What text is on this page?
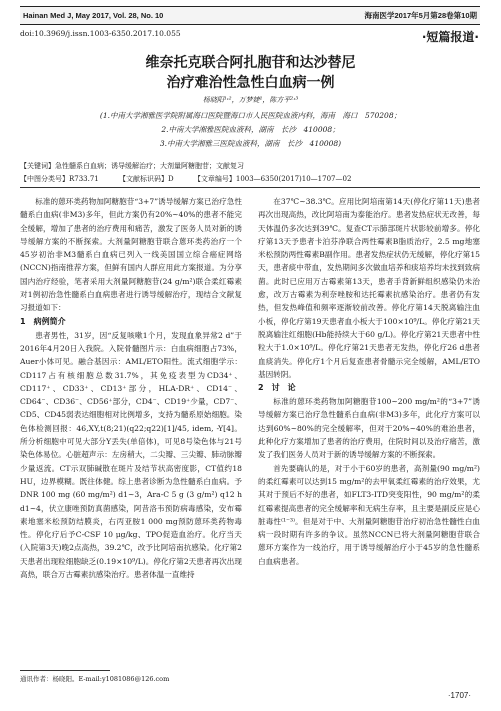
Hainan Med J, May 2017, Vol. 28, No. 10	海南医学2017年5月第28卷第10期
doi:10.3969/j.issn.1003-6350.2017.10.055	·短篇报道·
维奈托克联合阿扎胞苷和达沙替尼
治疗难治性急性白血病一例
杨晓阳¹˒²，万梦婕¹，陈方平²˒³
(1.中南大学湘雅医学院附属海口医院暨海口市人民医院血液内科，海南　海口　570208；
2.中南大学湘雅医院血液科，湖南　长沙　410008；
3.中南大学湘雅三医院血液科，湖南　长沙　410008)
【关键词】急性髓系白血病；诱导缓解治疗；大剂量阿糖胞苷；文献复习
【中图分类号】R733.71	【文献标识码】D	【文章编号】1003—6350(2017)10—1707—02

标准的蒽环类药物加阿糖胞苷“3+7”诱导缓解方案已治疗急性髓系白血病(非M3)多年，但此方案仍有20%~40%的患者不能完全缓解，增加了患者的治疗费用和痛苦，激发了医务人员对新的诱导缓解方案的不断探索。大剂量阿糖胞苷联合蒽环类药治疗一个45岁初治非M3髓系白血病已列入一线美国国立综合癌症网络(NCCN)指南推荐方案，但鲜有国内人群应用此方案报道。为分享国内治疗经验，笔者采用大剂量阿糖胞苷(24 g/m²)联合柔红霉素对1例初治急性髓系白血病患者进行诱导缓解治疗，现结合文献复习报道如下：

1　病例简介

患者男性，31岁，因“反复咳嗽1个月，发现血象异常2 d”于2016年4月20日入我院。入院骨髓图片示：白血病细胞占73%，Auer小体可见。融合基因示：AML/ETO阳性。流式细胞学示：CD117占有核细胞总数31.7%，其免疫表型为CD34⁺、CD117⁺、CD33⁺、CD13⁺部分，HLA-DR⁺、CD14⁻、CD64⁻、CD36⁻、CD56⁺部分，CD4⁻、CD19⁺少量，CD7⁻、CD5、CD45弱表达细胞相对比例增多，支持为髓系原始细胞。染色体检测回报：46,XY,t(8;21)(q22;q22)[1]/45, idem, -Y[4]。所分析细胞中可见大部分Y丢失(单倍体)，可见8号染色体与21号染色体易位。心脏超声示：左房稍大，二尖瓣、三尖瓣、肺动脉瓣少量返流。CT示双肺碱散在斑片及结节状高密度影，CT值约18 HU，边界模糊。既往体健。综上患者诊断为急性髓系白血病。予DNR 100 mg (60 mg/m²) d1~3，Ara-C 5 g (3 g/m²) q12 h d1~4，伏立康唑预防真菌感染，阿昔洛韦预防病毒感染，安布霉素地塞米松预防结膜炎，右丙亚胺1 000 mg预防蒽环类药物毒性。停化疗后予C-CSF 10 μg/kg、TPO促造血治疗。化疗当天(入院第3天)晚2点高热，39.2℃，改予比阿培南抗感染。化疗第2天患者出现粒细胞缺乏(0.19×10⁹/L)。停化疗第2天患者再次出现高热，联合万古霉素抗感染治疗。患者体温一直维持

在37℃~38.3℃。应用比阿培南第14天(停化疗第11天)患者再次出现高热，改比阿培南为泰能治疗。患者发热症状无改善，每天体温仍多次达到39℃。复查CT示肺部斑片状影较前增多。停化疗第13天予患者卡泊芬净联合两性霉素B脂质治疗，2.5 mg地塞米松预防两性霉素B副作用。患者发热症状仍无缓解，停化疗第15天，患者痰中带血，发热期间多次做血培养和痰培养均未找到致病菌。此时已应用万古霉素第13天，患者手背新鲜组织感染仍未治愈，改万古霉素为利奈唑胺和达托霉素抗感染治疗。患者仍有发热，但发热峰值和频率逐渐较前改善。停化疗第14天脱离输注血小板，停化疗第19天患者血小板大于100×10⁹/L。停化疗第21天脱离输注红细胞(Hb能持续大于60 g/L)。停化疗第21天患者中性粒大于1.0×10⁹/L。停化疗第21天患者无发热，停化疗26 d患者血痰消失。停化疗1个月后复查患者骨髓示完全缓解，AML/ETO基因转阴。

2　讨　论

标准的蒽环类药物加阿糖胞苷100~200 mg/m²的“3+7”诱导缓解方案已治疗急性髓系白血病(非M3)多年，此化疗方案可以达到60%~80%的完全缓解率，但对于20%~40%的难治患者，此种化疗方案增加了患者的治疗费用，住院时间以及治疗痛苦，激发了我们医务人员对于新的诱导缓解方案的不断探索。

首先要确认的是，对于小于60岁的患者，高剂量(90 mg/m²)的柔红霉素可以达到15 mg/m²的去甲氧柔红霉素的治疗效果，尤其对于预后不好的患者，如FLT3-ITD突变阳性，90 mg/m²的柔红霉素提高患者的完全缓解率和无病生存率，且主要是副反应是心脏毒性⁽¹⁻³⁾。但是对于中、大剂量阿糖胞苷治疗初治急性髓性白血病一段时期有许多的争议。虽然NCCN已将大剂量阿糖胞苷联合蒽环方案作为一线治疗，用于诱导缓解治疗小于45岁的急性髓系白血病患者。

通讯作者：杨晓阳。E-mail:y1081086@126.com
·1707·
